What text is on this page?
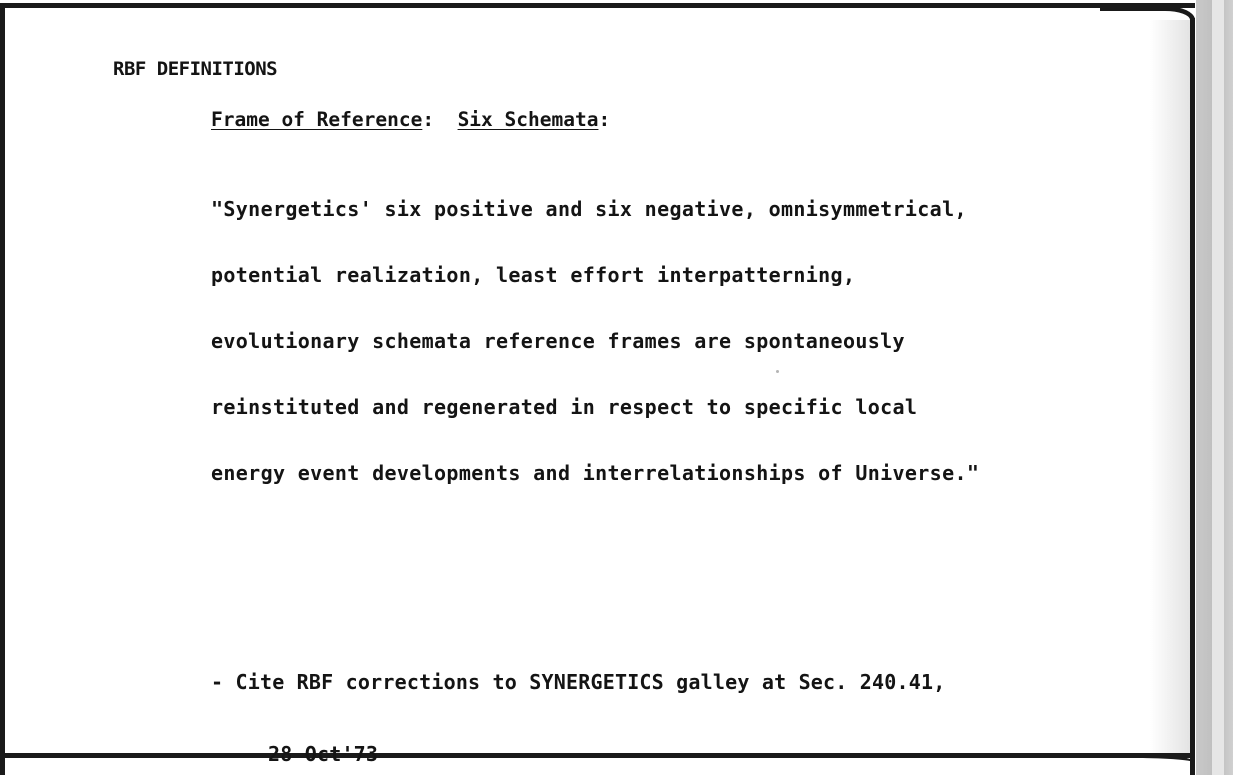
RBF DEFINITIONS
Frame of Reference:  Six Schemata:

"Synergetics' six positive and six negative, omnisymmetrical,

potential realization, least effort interpatterning,

evolutionary schemata reference frames are spontaneously

reinstituted and regenerated in respect to specific local

energy event developments and interrelationships of Universe."

- Cite RBF corrections to SYNERGETICS galley at Sec. 240.41,

28 Oct'73
